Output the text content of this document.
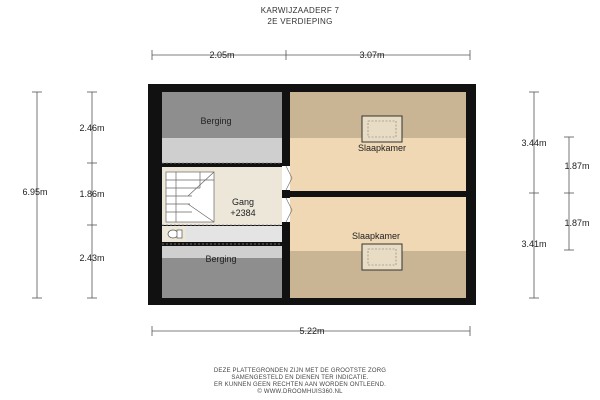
KARWIJZAADERF 7
2E VERDIEPING
Berging
Slaapkamer
Gang
+2384
Slaapkamer
Berging
2.05m	3.07m
5.22m
6.95m
2.46m
1.86m
2.43m
3.44m
3.41m
1.87m
1.87m
DEZE PLATTEGRONDEN ZIJN MET DE GROOTSTE ZORG
SAMENGESTELD EN DIENEN TER INDICATIE.
ER KUNNEN GEEN RECHTEN AAN WORDEN ONTLEEND.
© WWW.DROOMHUIS360.NL
